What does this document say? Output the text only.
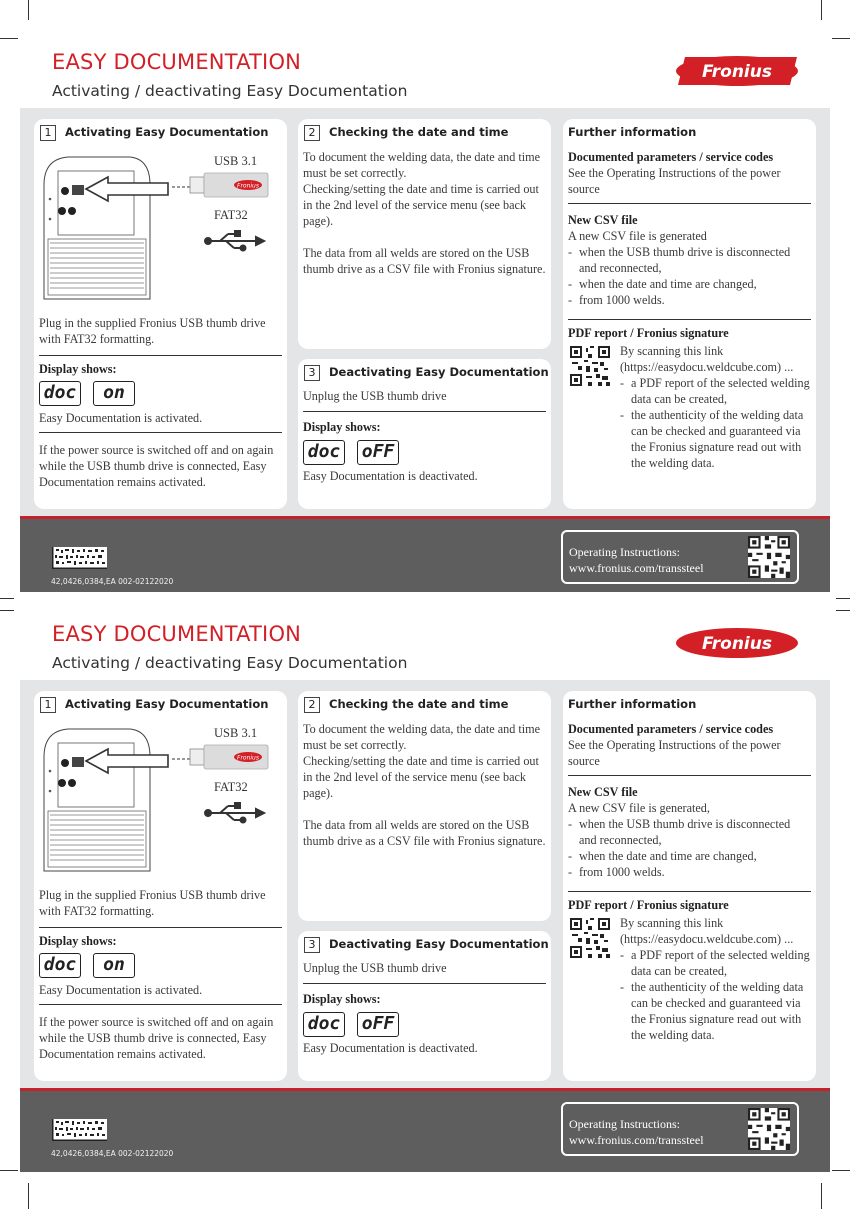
EASY DOCUMENTATION
Activating / deactivating Easy Documentation
Fronius
1	Activating Easy Documentation
Fronius
USB 3.1
FAT32
Plug in the supplied Fronius USB thumb drive with FAT32 formatting.
Display shows:
doc on
Easy Documentation is activated.
If the power source is switched off and on again while the USB thumb drive is connected, Easy Documentation remains activated.
2	Checking the date and time
To document the welding data, the date and time must be set correctly.
Checking/setting the date and time is carried out in the 2nd level of the service menu (see back page).
The data from all welds are stored on the USB thumb drive as a CSV file with Fronius signature.
3	Deactivating Easy Documentation
Unplug the USB thumb drive
Display shows:
doc oFF
Easy Documentation is deactivated.
Further information
Documented parameters / service codes
See the Operating Instructions of the power source
New CSV file
A new CSV file is generated
- when the USB thumb drive is disconnected and reconnected,
- when the date and time are changed,
- from 1000 welds.
PDF report / Fronius signature
By scanning this link (https://easydocu.weldcube.com) ...
- a PDF report of the selected welding data can be created,
- the authenticity of the welding data can be checked and guaranteed via the Fronius signature read out with the welding data.
42,0426,0384,EA 002-02122020
Operating Instructions:
www.fronius.com/transsteel
EASY DOCUMENTATION
Activating / deactivating Easy Documentation
Fronius
1	Activating Easy Documentation
Fronius
USB 3.1
FAT32
Plug in the supplied Fronius USB thumb drive with FAT32 formatting.
Display shows:
doc on
Easy Documentation is activated.
If the power source is switched off and on again while the USB thumb drive is connected, Easy Documentation remains activated.
2	Checking the date and time
To document the welding data, the date and time must be set correctly.
Checking/setting the date and time is carried out in the 2nd level of the service menu (see back page).
The data from all welds are stored on the USB thumb drive as a CSV file with Fronius signature.
3	Deactivating Easy Documentation
Unplug the USB thumb drive
Display shows:
doc oFF
Easy Documentation is deactivated.
Further information
Documented parameters / service codes
See the Operating Instructions of the power source
New CSV file
A new CSV file is generated,
- when the USB thumb drive is disconnected and reconnected,
- when the date and time are changed,
- from 1000 welds.
PDF report / Fronius signature
By scanning this link (https://easydocu.weldcube.com) ...
- a PDF report of the selected welding data can be created,
- the authenticity of the welding data can be checked and guaranteed via the Fronius signature read out with the welding data.
42,0426,0384,EA 002-02122020
Operating Instructions:
www.fronius.com/transsteel
